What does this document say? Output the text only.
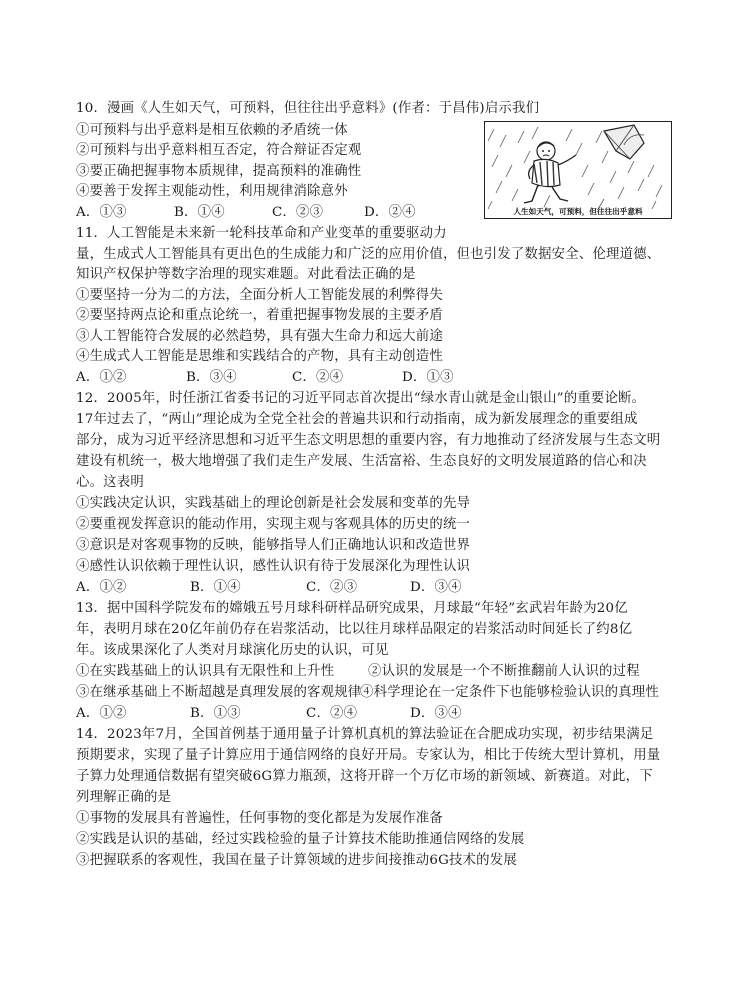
10．漫画《人生如天气，可预料，但往往出乎意料》(作者：于昌伟)启示我们
①可预料与出乎意料是相互依赖的矛盾统一体
②可预料与出乎意料相互否定，符合辩证否定观
③要正确把握事物本质规律，提高预料的准确性
④要善于发挥主观能动性，利用规律消除意外
A．①③	B．①④	C．②③	D．②④	人生如天气，可预料，但往往出乎意料
11．人工智能是未来新一轮科技革命和产业变革的重要驱动力
量，生成式人工智能具有更出色的生成能力和广泛的应用价值，但也引发了数据安全、伦理道德、
知识产权保护等数字治理的现实难题。对此看法正确的是
①要坚持一分为二的方法，全面分析人工智能发展的利弊得失
②要坚持两点论和重点论统一，着重把握事物发展的主要矛盾
③人工智能符合发展的必然趋势，具有强大生命力和远大前途
④生成式人工智能是思维和实践结合的产物，具有主动创造性
A．①②	B．③④	C．②④	D．①③
12．2005年，时任浙江省委书记的习近平同志首次提出“绿水青山就是金山银山”的重要论断。
17年过去了，“两山”理论成为全党全社会的普遍共识和行动指南，成为新发展理念的重要组成
部分，成为习近平经济思想和习近平生态文明思想的重要内容，有力地推动了经济发展与生态文明
建设有机统一，极大地增强了我们走生产发展、生活富裕、生态良好的文明发展道路的信心和决
心。这表明
①实践决定认识，实践基础上的理论创新是社会发展和变革的先导
②要重视发挥意识的能动作用，实现主观与客观具体的历史的统一
③意识是对客观事物的反映，能够指导人们正确地认识和改造世界
④感性认识依赖于理性认识，感性认识有待于发展深化为理性认识
A．①②	B．①④	C．②③	D．③④
13．据中国科学院发布的嫦娥五号月球科研样品研究成果，月球最“年轻”玄武岩年龄为20亿
年，表明月球在20亿年前仍存在岩浆活动，比以往月球样品限定的岩浆活动时间延长了约8亿
年。该成果深化了人类对月球演化历史的认识，可见
①在实践基础上的认识具有无限性和上升性	②认识的发展是一个不断推翻前人认识的过程
③在继承基础上不断超越是真理发展的客观规律
④科学理论在一定条件下也能够检验认识的真理性
A．①②	B．①③	C．②④	D．③④
14．2023年7月，全国首例基于通用量子计算机真机的算法验证在合肥成功实现，初步结果满足
预期要求，实现了量子计算应用于通信网络的良好开局。专家认为，相比于传统大型计算机，用量
子算力处理通信数据有望突破6G算力瓶颈，这将开辟一个万亿市场的新领域、新赛道。对此，下
列理解正确的是
①事物的发展具有普遍性，任何事物的变化都是为发展作准备
②实践是认识的基础，经过实践检验的量子计算技术能助推通信网络的发展
③把握联系的客观性，我国在量子计算领域的进步间接推动6G技术的发展
